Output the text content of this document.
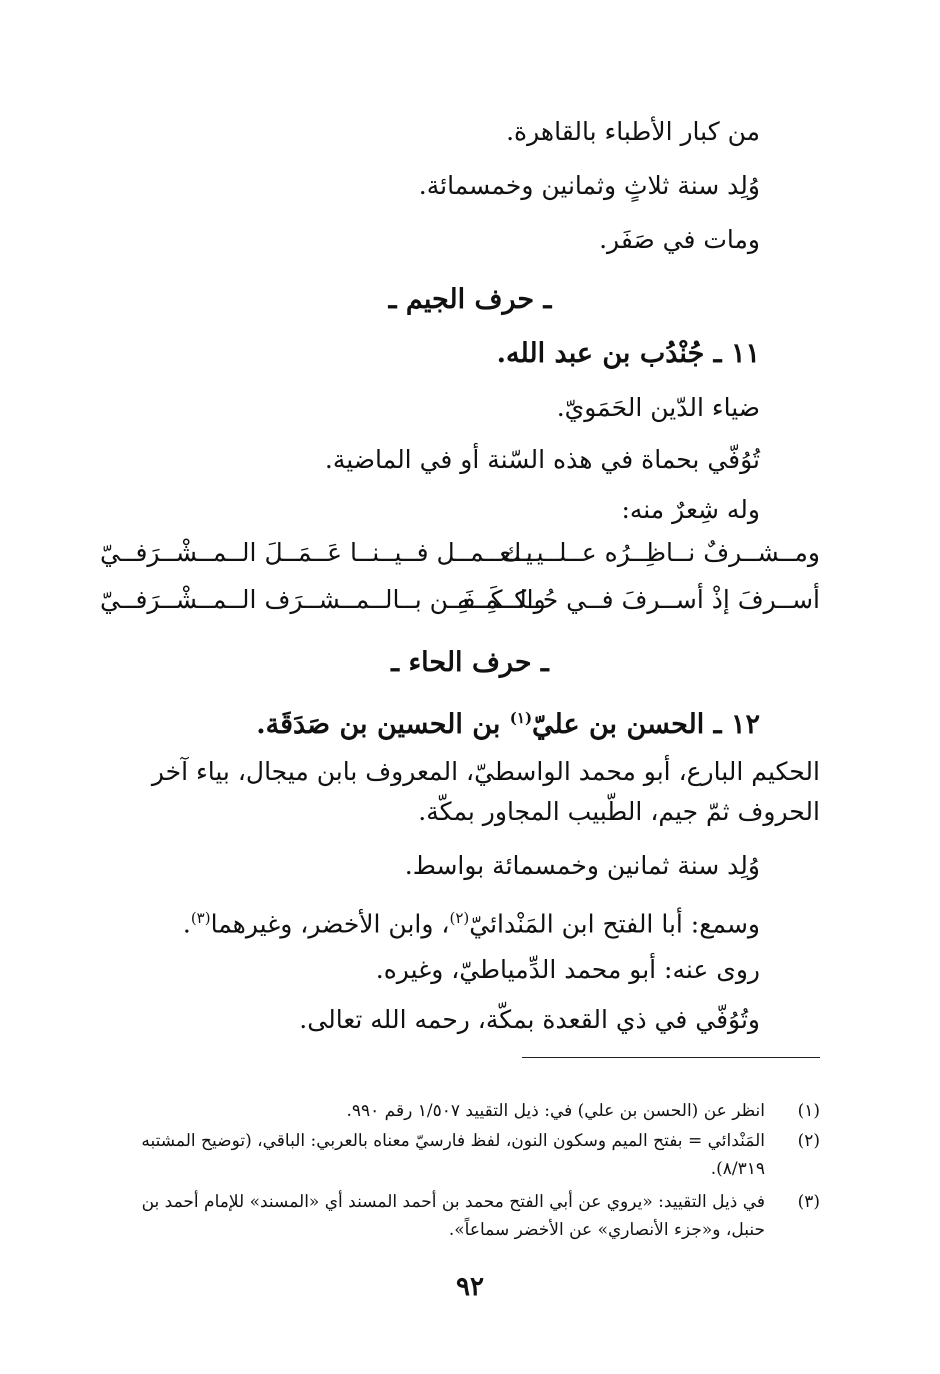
من كبار الأطباء بالقاهرة.
وُلِد سنة ثلاثٍ وثمانين وخمسمائة.
ومات في صَفَر.
ـ حرف الجيم ـ
١١ ـ جُنْدُب بن عبد الله.
ضياء الدّين الحَمَويّ.
تُوُفّي بحماة في هذه السّنة أو في الماضية.
وله شِعرٌ منه:
ومــشــرفٌ نــاظِــرُه عــلــيــك
يــعــمــل فــيــنــا عَــمَــلَ الــمــشْــرَفــيّ
أســرفَ إذْ أســرفَ فــي حُــكــمِــهِ
والــكَــفَــن بــالــمــشــرَف الــمــشْــرَفــيّ
ـ حرف الحاء ـ
١٢ ـ الحسن بن عليّ$^{(١)}$ بن الحسين بن صَدَقَة.
الحكيم البارع، أبو محمد الواسطيّ، المعروف بابن ميجال، بياء آخر الحروف ثمّ جيم، الطّبيب المجاور بمكّة.
وُلِد سنة ثمانين وخمسمائة بواسط.
وسمع: أبا الفتح ابن المَنْدائيّ$^{(٢)}$، وابن الأخضر، وغيرهما$^{(٣)}$.
روى عنه: أبو محمد الدِّمياطيّ، وغيره.
وتُوُفّي في ذي القعدة بمكّة، رحمه الله تعالى.
(١)
انظر عن (الحسن بن علي) في: ذيل التقييد ١/٥٠٧ رقم ٩٩٠.
(٢)
المَنْدائي = بفتح الميم وسكون النون، لفظ فارسيّ معناه بالعربي: الباقي، (توضيح المشتبه ٨/٣١٩).
(٣)
في ذيل التقييد: «يروي عن أبي الفتح محمد بن أحمد المسند أي «المسند» للإمام أحمد بن حنبل، و«جزء الأنصاري» عن الأخضر سماعاً».
٩٢
